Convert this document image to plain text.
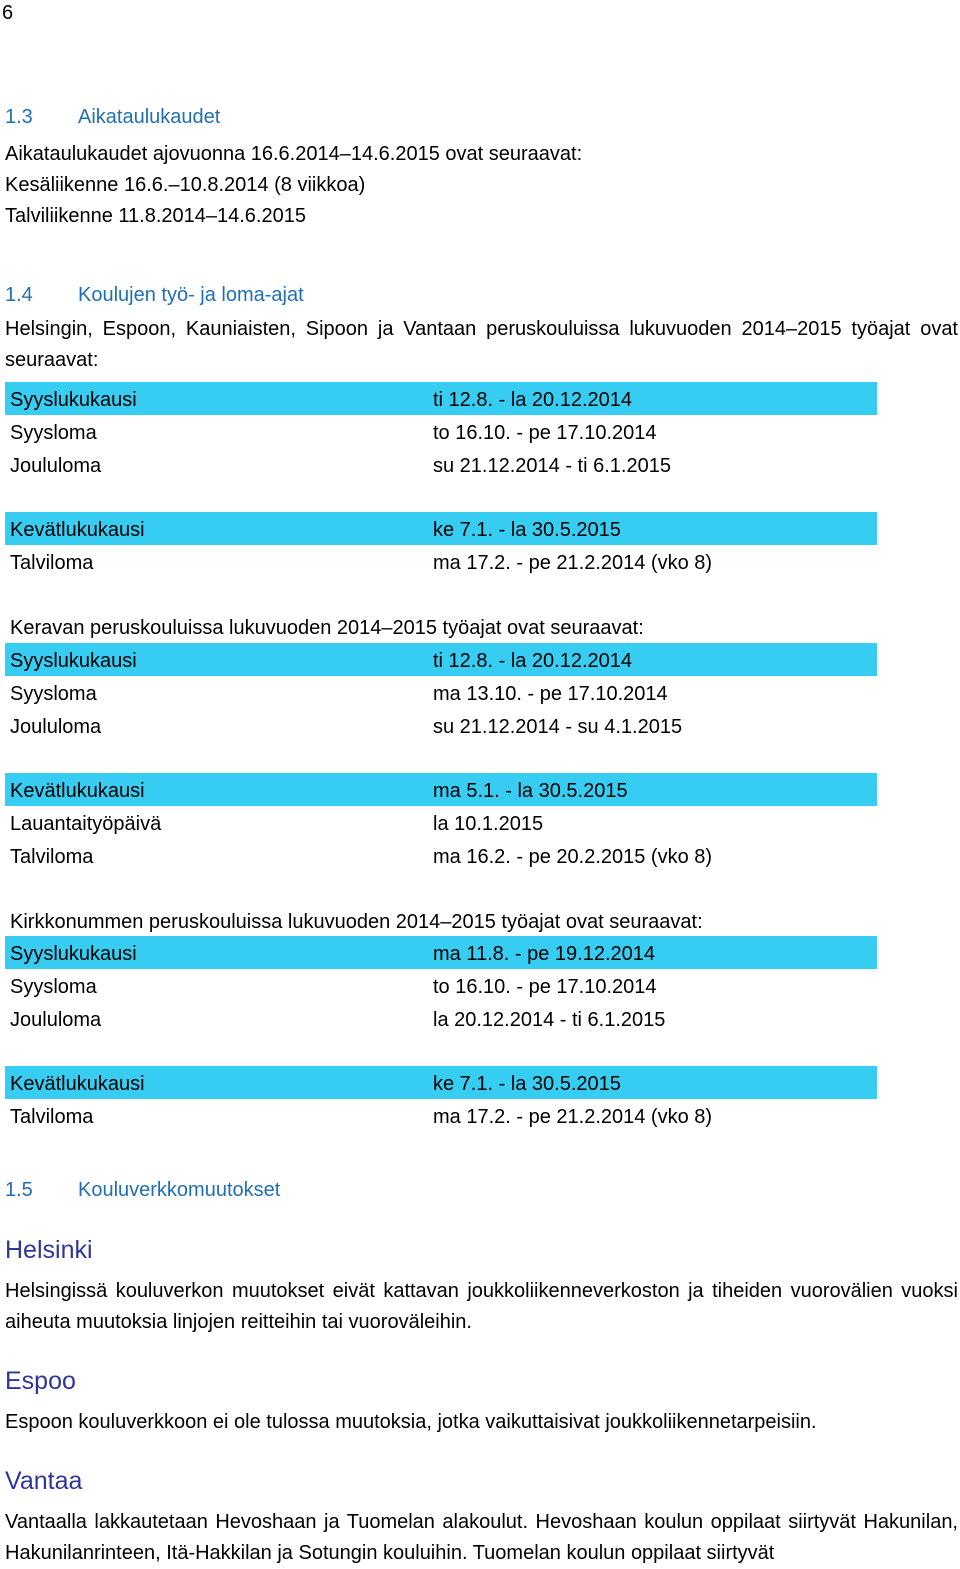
6
1.3 Aikataulukaudet
Aikataulukaudet ajovuonna 16.6.2014–14.6.2015 ovat seuraavat:
Kesäliikenne 16.6.–10.8.2014 (8 viikkoa)
Talviliikenne 11.8.2014–14.6.2015
1.4 Koulujen työ- ja loma-ajat
Helsingin, Espoon, Kauniaisten, Sipoon ja Vantaan peruskouluissa lukuvuoden 2014–2015 työajat ovat seuraavat:
Syyslukukausi	ti 12.8. - la 20.12.2014
Syysloma	to 16.10. - pe 17.10.2014
Joululoma	su 21.12.2014 - ti 6.1.2015
Kevätlukukausi	ke 7.1. - la 30.5.2015
Talviloma	ma 17.2. - pe 21.2.2014 (vko 8)
Keravan peruskouluissa lukuvuoden 2014–2015 työajat ovat seuraavat:
Syyslukukausi	ti 12.8. - la 20.12.2014
Syysloma	ma 13.10. - pe 17.10.2014
Joululoma	su 21.12.2014 - su 4.1.2015
Kevätlukukausi	ma 5.1. - la 30.5.2015
Lauantaityöpäivä	la 10.1.2015
Talviloma	ma 16.2. - pe 20.2.2015 (vko 8)
Kirkkonummen peruskouluissa lukuvuoden 2014–2015 työajat ovat seuraavat:
Syyslukukausi	ma 11.8. - pe 19.12.2014
Syysloma	to 16.10. - pe 17.10.2014
Joululoma	la 20.12.2014 - ti 6.1.2015
Kevätlukukausi	ke 7.1. - la 30.5.2015
Talviloma	ma 17.2. - pe 21.2.2014 (vko 8)
1.5 Kouluverkkomuutokset
Helsinki
Helsingissä kouluverkon muutokset eivät kattavan joukkoliikenneverkoston ja tiheiden vuorovälien vuoksi aiheuta muutoksia linjojen reitteihin tai vuoroväleihin.
Espoo
Espoon kouluverkkoon ei ole tulossa muutoksia, jotka vaikuttaisivat joukkoliikennetarpeisiin.
Vantaa
Vantaalla lakkautetaan Hevoshaan ja Tuomelan alakoulut. Hevoshaan koulun oppilaat siirtyvät Hakunilan, Hakunilanrinteen, Itä-Hakkilan ja Sotungin kouluihin. Tuomelan koulun oppilaat siirtyvät
